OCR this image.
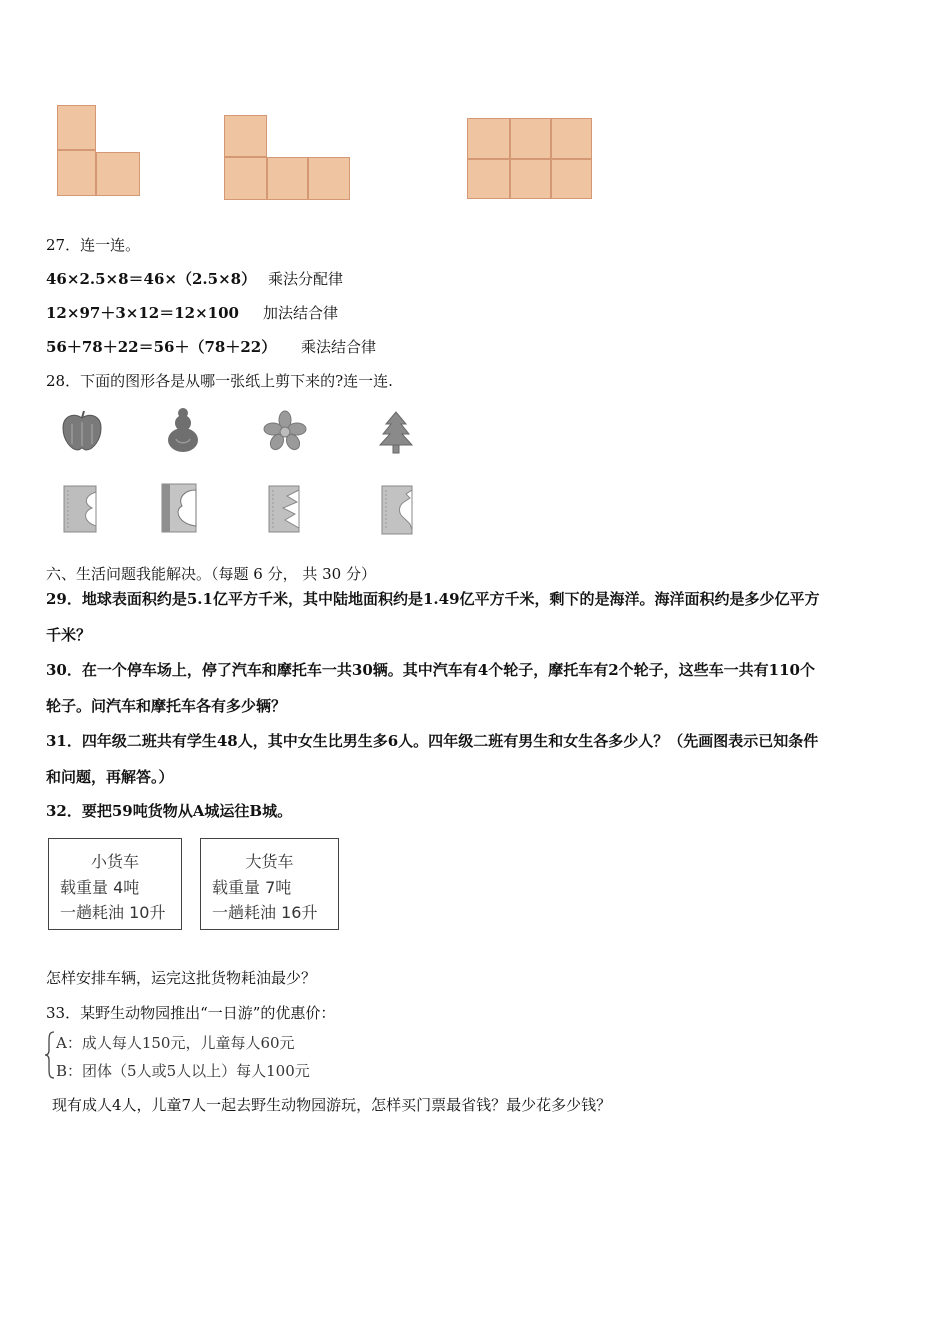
27．连一连。
46×2.5×8＝46×（2.5×8）
12×97＋3×12＝12×100
56＋78＋22＝56＋（78＋22）
乘法分配律
加法结合律
乘法结合律
28．下面的图形各是从哪一张纸上剪下来的?连一连.
六、生活问题我能解决。（每题 6 分， 共 30 分）
29．地球表面积约是5.1亿平方千米，其中陆地面积约是1.49亿平方千米，剩下的是海洋。海洋面积约是多少亿平方
千米？
30．在一个停车场上，停了汽车和摩托车一共30辆。其中汽车有4个轮子，摩托车有2个轮子，这些车一共有110个
轮子。问汽车和摩托车各有多少辆？
31．四年级二班共有学生48人，其中女生比男生多6人。四年级二班有男生和女生各多少人？（先画图表示已知条件
和问题，再解答。）
32．要把59吨货物从A城运往B城。
小货车
载重量 4吨
一趟耗油 10升
大货车
载重量 7吨
一趟耗油 16升
怎样安排车辆，运完这批货物耗油最少？
33．某野生动物园推出“一日游”的优惠价：
A：成人每人150元，儿童每人60元
B：团体（5人或5人以上）每人100元
现有成人4人，儿童7人一起去野生动物园游玩，怎样买门票最省钱？最少花多少钱？
